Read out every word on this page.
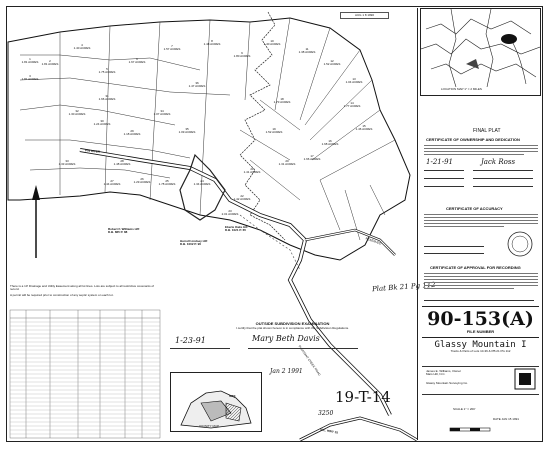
1
1.81 ACRES	2
1.81 ACRES
3
1.81 ACRES
4
1.40 ACRES
5
1.75 ACRES
6
1.67 ACRES
7
1.57 ACRES
8
1.48 ACRES
9
1.80 ACRES
10
1.40 ACRES
11
1.38 ACRES
12
1.52 ACRES
13
1.04 ACRES
14
1.77 ACRES
15
1.46 ACRES
16
1.68 ACRES
17
1.66 ACRES
18
1.73 ACRES
19
1.52 ACRES
20
1.31 ACRES
21
1.41 ACRES
22
1.42 ACRES
23
2.01 ACRES
24
1.34 ACRES
25
1.78 ACRES
26
1.29 ACRES
27
1.44 ACRES
28
1.48 ACRES
29
1.18 ACRES
30
1.24 ACRES
31
1.66 ACRES
32
1.30 ACRES
33
1.33 ACRES
34
1.07 ACRES
35
1.09 ACRES
36
1.47 ACRES
AUG 1 8 1990
Robert F. Williams H/F
D.B. 865 P. 88
Hurrell Lindsey H/F
D.B. 1002 P. 96
Eberle Oaks H/F
D.B. 1021 P. 65
PIN RIVER
RESERVED
PLEASANT CREEK ROAD
N.C. HWY 15
There is a 10' Drainage and Utility Easement along all lot lines. Lots are subject to all restrictive covenants of record.
A permit will be required prior to construction of any septic system on each lot.
Plat Bk 21 Pg 112
OUTSIDE SUBDIVISION EXAMINATION
I certify that the plat shown hereon is in compliance with the Subdivision Regulations.
1-23-91	Mary Beth Davis
Jan 2 1991
19-T-14
3250
SITE
VICINITY MAP
LOCATION MAP 1" = 2 MILES
FINAL PLAT
CERTIFICATE OF OWNERSHIP AND DEDICATION
1-21-91	Jack Ross
CERTIFICATE OF ACCURACY
CERTIFICATE OF APPROVAL FOR RECORDING
90-153(A)
FILE NUMBER
Glassy Mountain I
Tracts & Parts of Lots 10-36 & PB 21 PG 112
James E. Williams, Owner
Mars Hill, N.C.
Glassy Mountain Surveying Co.
SCALE 1" = 200'
DATE JAN 15 1991
